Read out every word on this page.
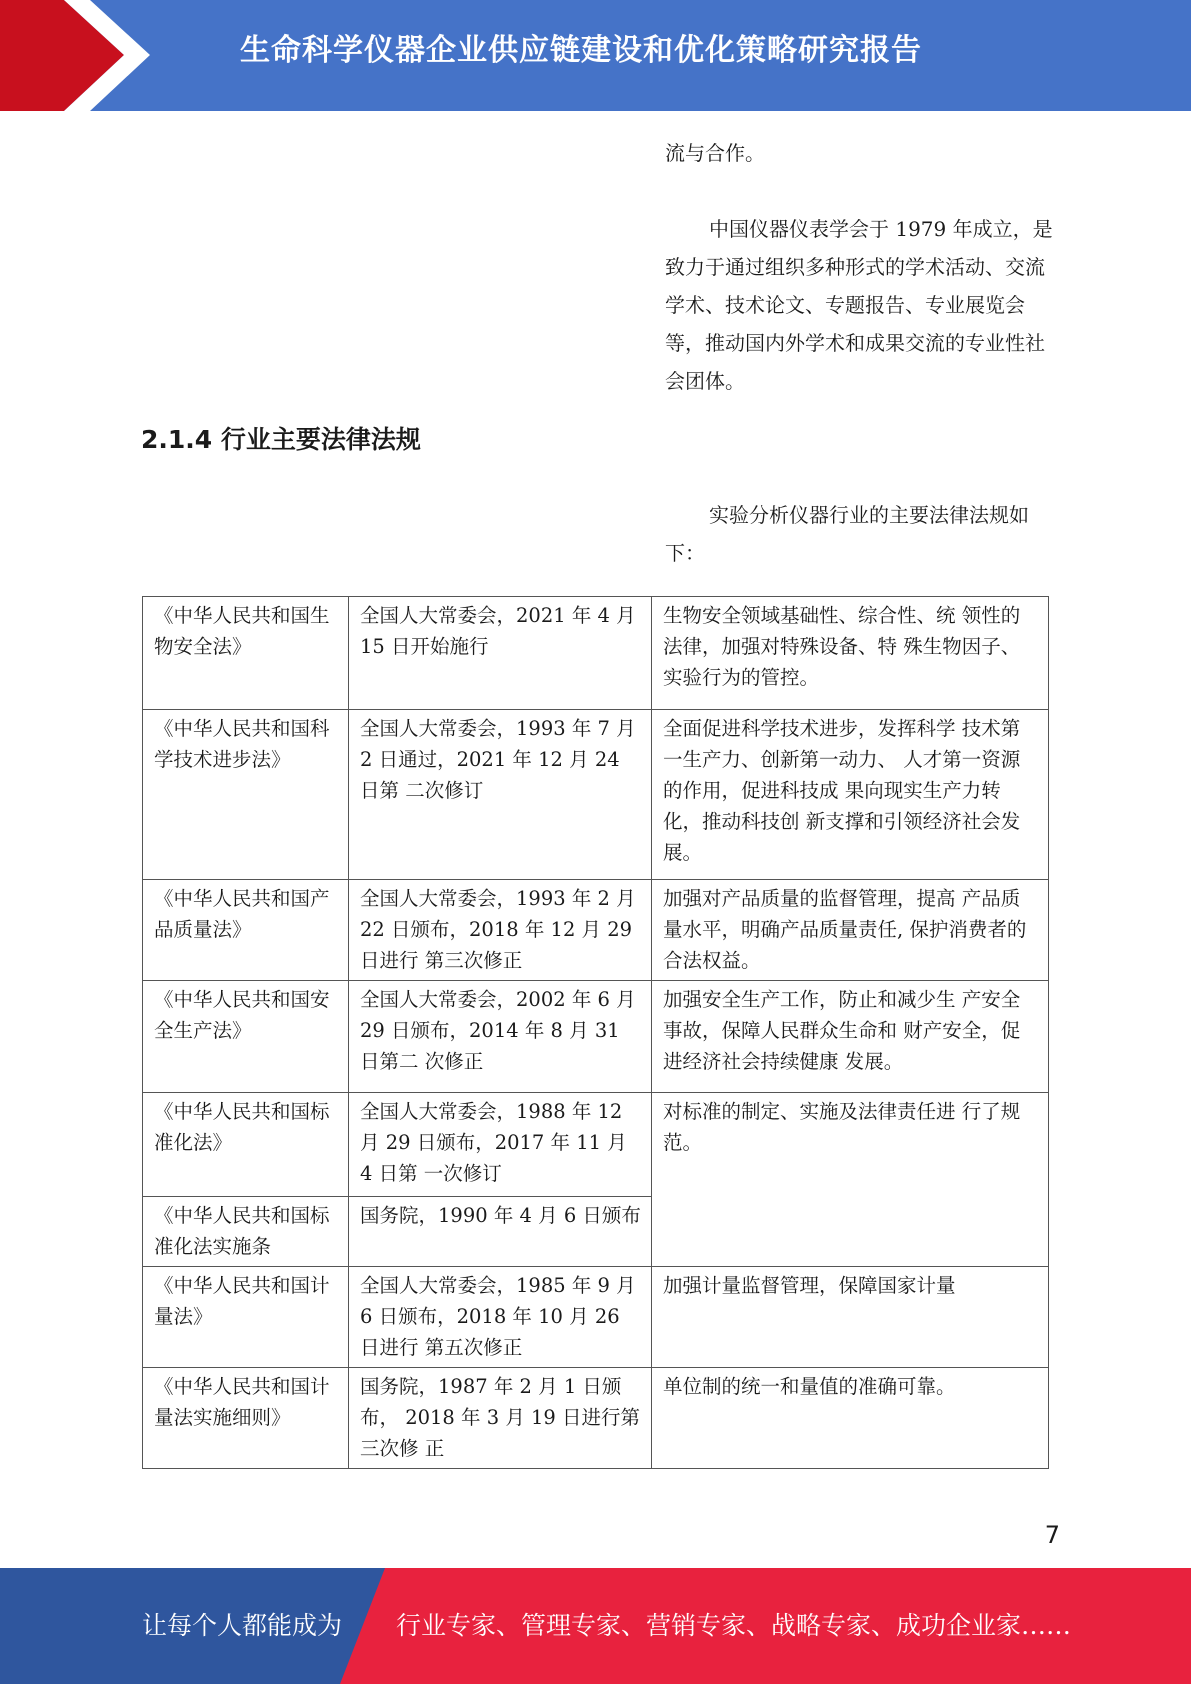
生命科学仪器企业供应链建设和优化策略研究报告

流与合作。

中国仪器仪表学会于 1979 年成立，是致力于通过组织多种形式的学术活动、交流学术、技术论文、专题报告、专业展览会等，推动国内外学术和成果交流的专业性社会团体。

2.1.4 行业主要法律法规

实验分析仪器行业的主要法律法规如下：

《中华人民共和国生 物安全法》	全国人大常委会，2021 年 4 月 15 日开始施行	生物安全领域基础性、综合性、统 领性的法律，加强对特殊设备、特 殊生物因子、实验行为的管控。
《中华人民共和国科 学技术进步法》	全国人大常委会，1993 年 7 月 2 日通过，2021 年 12 月 24 日第 二次修订	全面促进科学技术进步，发挥科学 技术第一生产力、创新第一动力、 人才第一资源的作用，促进科技成 果向现实生产力转化，推动科技创 新支撑和引领经济社会发展。
《中华人民共和国产 品质量法》	全国人大常委会，1993 年 2 月 22 日颁布，2018 年 12 月 29 日进行 第三次修正	加强对产品质量的监督管理，提高 产品质量水平，明确产品质量责任, 保护消费者的合法权益。
《中华人民共和国安 全生产法》	全国人大常委会，2002 年 6 月 29 日颁布，2014 年 8 月 31 日第二 次修正	加强安全生产工作，防止和减少生 产安全事故，保障人民群众生命和 财产安全，促进经济社会持续健康 发展。
《中华人民共和国标 准化法》	全国人大常委会，1988 年 12 月 29 日颁布，2017 年 11 月 4 日第 一次修订	对标准的制定、实施及法律责任进 行了规范。
《中华人民共和国标 准化法实施条	国务院，1990 年 4 月 6 日颁布	
《中华人民共和国计 量法》	全国人大常委会，1985 年 9 月 6 日颁布，2018 年 10 月 26 日进行 第五次修正	加强计量监督管理，保障国家计量
《中华人民共和国计 量法实施细则》	国务院，1987 年 2 月 1 日颁布， 2018 年 3 月 19 日进行第三次修 正	单位制的统一和量值的准确可靠。
7
让每个人都能成为 行业专家、管理专家、营销专家、战略专家、成功企业家……
